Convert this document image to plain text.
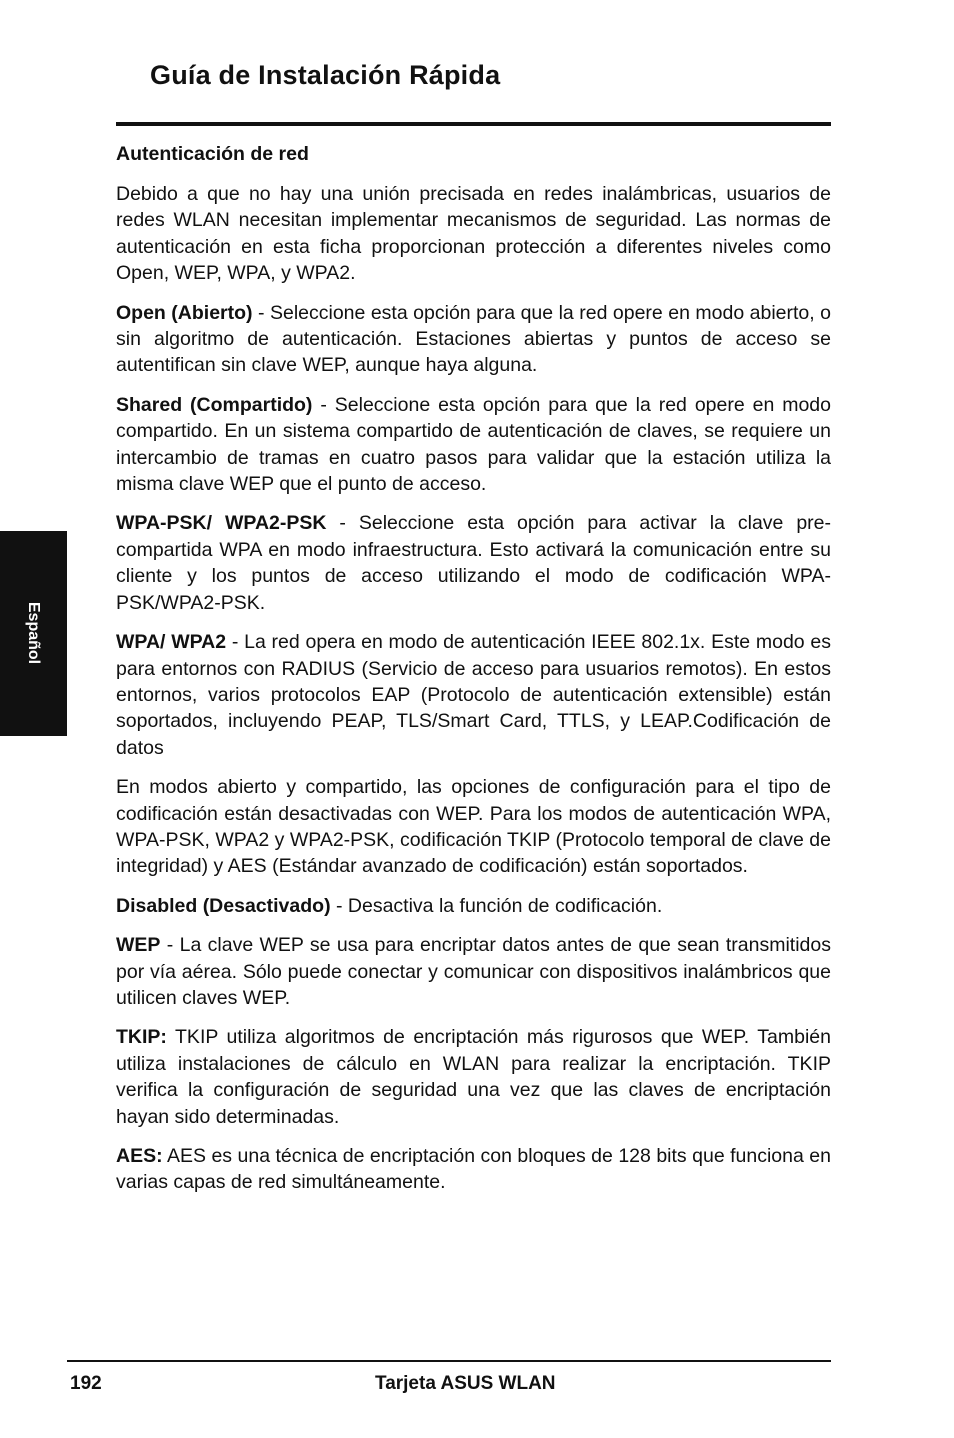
Guía de Instalación Rápida
Español
Autenticación de red

Debido a que no hay una unión precisada en redes inalámbricas, usuarios de redes WLAN necesitan implementar mecanismos de seguridad. Las normas de autenticación en esta ficha proporcionan protección a diferentes niveles como Open, WEP, WPA, y WPA2.

Open (Abierto) - Seleccione esta opción para que la red opere en modo abierto, o sin algoritmo de autenticación. Estaciones abiertas y puntos de acceso se autentifican sin clave WEP, aunque haya alguna.

Shared (Compartido) - Seleccione esta opción para que la red opere en modo compartido. En un sistema compartido de autenticación de claves, se requiere un intercambio de tramas en cuatro pasos para validar que la estación utiliza la misma clave WEP que el punto de acceso.

WPA-PSK/ WPA2-PSK - Seleccione esta opción para activar la clave pre-compartida WPA en modo infraestructura. Esto activará la comunicación entre su cliente y los puntos de acceso utilizando el modo de codificación WPA-PSK/WPA2-PSK.

WPA/ WPA2 - La red opera en modo de autenticación IEEE 802.1x. Este modo es para entornos con RADIUS (Servicio de acceso para usuarios remotos). En estos entornos, varios protocolos EAP (Protocolo de autenticación extensible) están soportados, incluyendo PEAP, TLS/Smart Card, TTLS, y LEAP.Codificación de datos

En modos abierto y compartido, las opciones de configuración para el tipo de codificación están desactivadas con WEP. Para los modos de autenticación WPA, WPA-PSK, WPA2 y WPA2-PSK, codificación TKIP (Protocolo temporal de clave de integridad) y AES (Estándar avanzado de codificación) están soportados.

Disabled (Desactivado) - Desactiva la función de codificación.

WEP - La clave WEP se usa para encriptar datos antes de que sean transmitidos por vía aérea. Sólo puede conectar y comunicar con dispositivos inalámbricos que utilicen claves WEP.

TKIP: TKIP utiliza algoritmos de encriptación más rigurosos que WEP. También utiliza instalaciones de cálculo en WLAN para realizar la encriptación. TKIP verifica la configuración de seguridad una vez que las claves de encriptación hayan sido determinadas.

AES: AES es una técnica de encriptación con bloques de 128 bits que funciona en varias capas de red simultáneamente.

192	Tarjeta ASUS WLAN
